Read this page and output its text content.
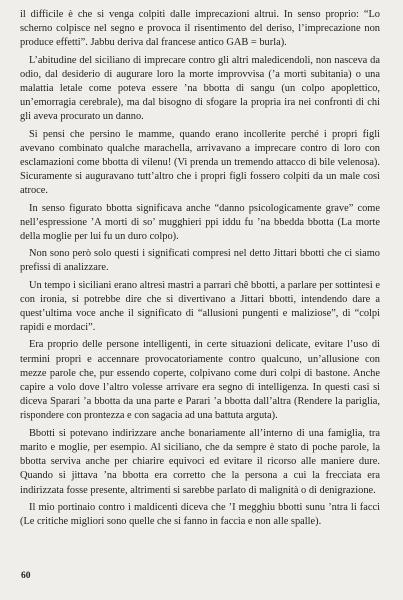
il difficile è che si venga colpiti dalle imprecazioni altrui. In senso proprio: “Lo scherno colpisce nel segno e provoca il risentimento del deriso, l’imprecazione non produce effetti”. Jabbu deriva dal francese antico GAB = burla).

L’abitudine del siciliano di imprecare contro gli altri maledicendoli, non nasceva da odio, dal desiderio di augurare loro la morte improvvisa (’a morti subitania) o una malattia letale come poteva essere ’na bbotta di sangu (un colpo apoplettico, un’emorragia cerebrale), ma dal bisogno di sfogare la propria ira nei confronti di chi gli aveva procurato un danno.

Si pensi che persino le mamme, quando erano incollerite perché i propri figli avevano combinato qualche marachella, arrivavano a imprecare contro di loro con esclamazioni come bbotta di vilenu! (Vi prenda un tremendo attacco di bile velenosa). Sicuramente si auguravano tutt’altro che i propri figli fossero colpiti da un male così atroce.

In senso figurato bbotta significava anche “danno psicologicamente grave” come nell’espressione ’A morti di so’ mugghieri ppi iddu fu ’na bbedda bbotta (La morte della moglie per lui fu un duro colpo).

Non sono però solo questi i significati compresi nel detto Jittari bbotti che ci siamo prefissi di analizzare.

Un tempo i siciliani erano altresì mastri a parrari chê bbotti, a parlare per sottintesi e con ironia, si potrebbe dire che si divertivano a Jittari bbotti, intendendo dare a quest’ultima voce anche il significato di “allusioni pungenti e maliziose”, di “colpi rapidi e mordaci”.

Era proprio delle persone intelligenti, in certe situazioni delicate, evitare l’uso di termini propri e accennare provocatoriamente contro qualcuno, un’allusione con mezze parole che, pur essendo coperte, colpivano come duri colpi di bastone. Anche capire a volo dove l’altro volesse arrivare era segno di intelligenza. In questi casi si diceva Sparari ’a bbotta da una parte e Parari ’a bbotta dall’altra (Rendere la pariglia, rispondere con prontezza e con sagacia ad una battuta arguta).

Bbotti si potevano indirizzare anche bonariamente all’interno di una famiglia, tra marito e moglie, per esempio. Al siciliano, che da sempre è stato di poche parole, la bbotta serviva anche per chiarire equivoci ed evitare il ricorso alle maniere dure. Quando si jittava ’na bbotta era corretto che la persona a cui la frecciata era indirizzata fosse presente, altrimenti si sarebbe parlato di malignità o di denigrazione.

Il mio portinaio contro i maldicenti diceva che ’I megghiu bbotti sunu ’ntra li facci (Le critiche migliori sono quelle che si fanno in faccia e non alle spalle).

60
